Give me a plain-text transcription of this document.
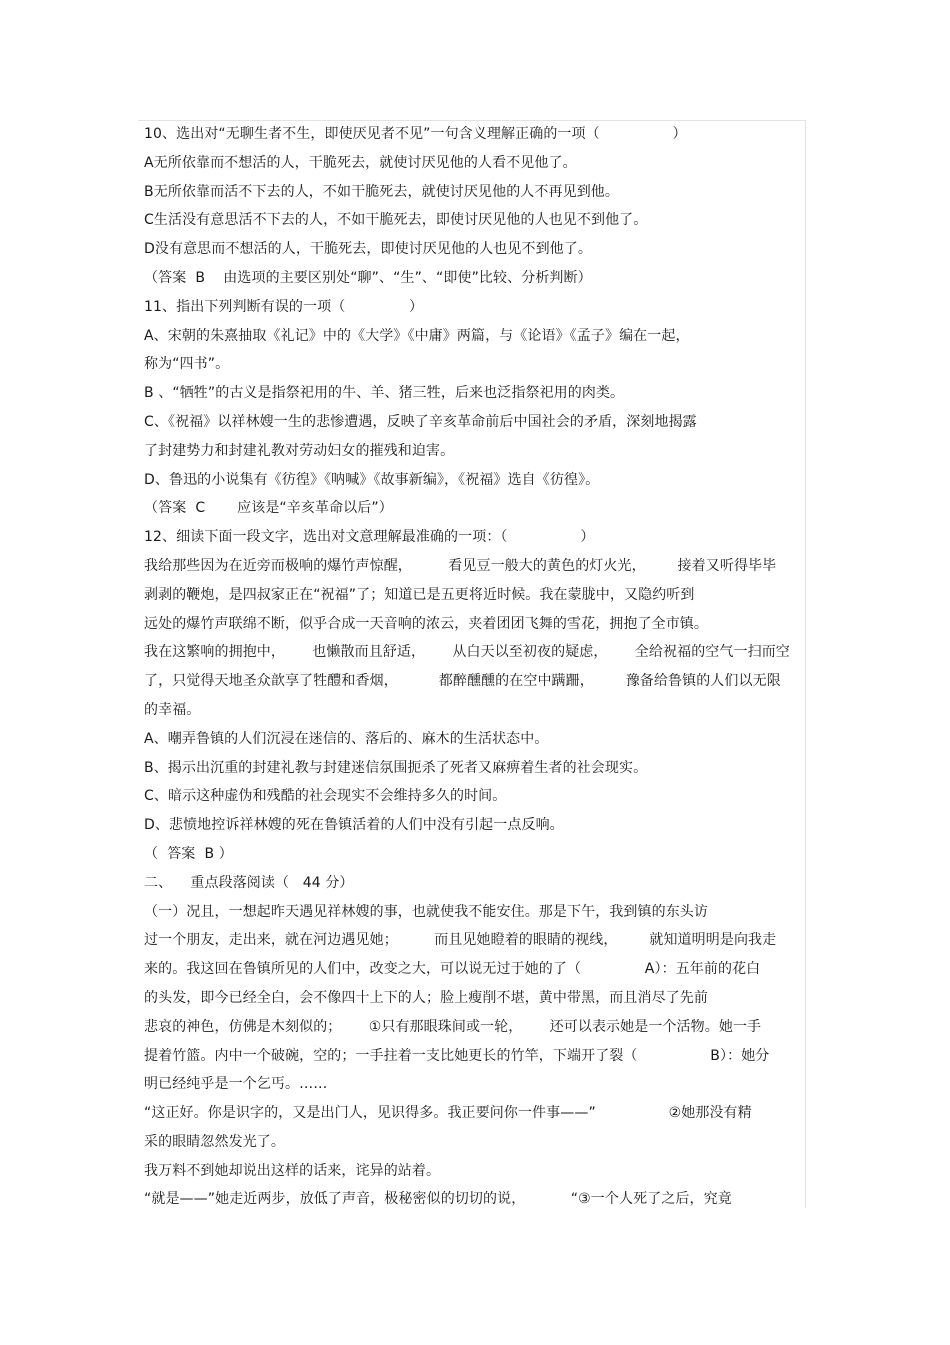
10、选出对“无聊生者不生，即使厌见者不见”一句含义理解正确的一项（                ）
A无所依靠而不想活的人，干脆死去，就使讨厌见他的人看不见他了。
B无所依靠而活不下去的人，不如干脆死去，就使讨厌见他的人不再见到他。
C生活没有意思活不下去的人，不如干脆死去，即使讨厌见他的人也见不到他了。
D没有意思而不想活的人，干脆死去，即使讨厌见他的人也见不到他了。
（答案  B    由选项的主要区别处“聊”、“生”、“即使”比较、分析判断）
11、指出下列判断有误的一项（              ）
A、宋朝的朱熹抽取《礼记》中的《大学》《中庸》两篇，与《论语》《孟子》编在一起，
称为“四书”。
B 、“牺牲”的古义是指祭祀用的牛、羊、猪三牲，后来也泛指祭祀用的肉类。
C、《祝福》以祥林嫂一生的悲惨遭遇，反映了辛亥革命前后中国社会的矛盾，深刻地揭露
了封建势力和封建礼教对劳动妇女的摧残和迫害。
D、鲁迅的小说集有《彷徨》《呐喊》《故事新编》，《祝福》选自《彷徨》。
（答案  C       应该是“辛亥革命以后”）
12、细读下面一段文字，选出对文意理解最准确的一项：（                ）
我给那些因为在近旁而极响的爆竹声惊醒，        看见豆一般大的黄色的灯火光，       接着又听得毕毕
剥剥的鞭炮，是四叔家正在“祝福”了；知道已是五更将近时候。我在蒙胧中，又隐约听到
远处的爆竹声联绵不断，似乎合成一天音响的浓云，夹着团团飞舞的雪花，拥抱了全市镇。
我在这繁响的拥抱中，      也懒散而且舒适，      从白天以至初夜的疑虑，      全给祝福的空气一扫而空
了，只觉得天地圣众歆享了牲醴和香烟，         都醉醺醺的在空中蹒跚，       豫备给鲁镇的人们以无限
的幸福。
A、嘲弄鲁镇的人们沉浸在迷信的、落后的、麻木的生活状态中。
B、揭示出沉重的封建礼教与封建迷信氛围扼杀了死者又麻痹着生者的社会现实。
C、暗示这种虚伪和残酷的社会现实不会维持多久的时间。
D、悲愤地控诉祥林嫂的死在鲁镇活着的人们中没有引起一点反响。
（  答案  B ）
二、    重点段落阅读（   44 分）
（一）况且，一想起昨天遇见祥林嫂的事，也就使我不能安住。那是下午，我到镇的东头访
过一个朋友，走出来，就在河边遇见她；        而且见她瞪着的眼睛的视线，       就知道明明是向我走
来的。我这回在鲁镇所见的人们中，改变之大，可以说无过于她的了（              A）：五年前的花白
的头发，即今已经全白，会不像四十上下的人；脸上瘦削不堪，黄中带黑，而且消尽了先前
悲哀的神色，仿佛是木刻似的；      ①只有那眼珠间或一轮，      还可以表示她是一个活物。她一手
提着竹篮。内中一个破碗，空的；一手拄着一支比她更长的竹竿，下端开了裂（                B）：她分
明已经纯乎是一个乞丐。……
“这正好。你是识字的，又是出门人，见识得多。我正要问你一件事——”                ②她那没有精
采的眼睛忽然发光了。
我万料不到她却说出这样的话来，诧异的站着。
“就是——”她走近两步，放低了声音，极秘密似的切切的说，          “③一个人死了之后，究竟
